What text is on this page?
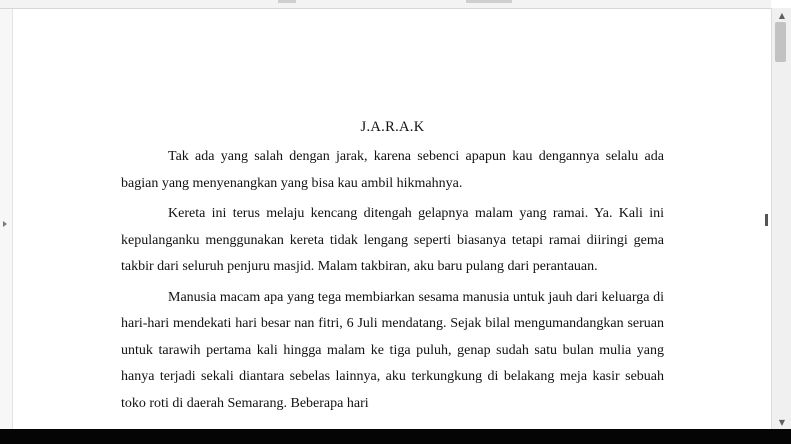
J.A.R.A.K

Tak ada yang salah dengan jarak, karena sebenci apapun kau dengannya selalu ada bagian yang menyenangkan yang bisa kau ambil hikmahnya.

Kereta ini terus melaju kencang ditengah gelapnya malam yang ramai. Ya. Kali ini kepulanganku menggunakan kereta tidak lengang seperti biasanya tetapi ramai diiringi gema takbir dari seluruh penjuru masjid. Malam takbiran, aku baru pulang dari perantauan.

Manusia macam apa yang tega membiarkan sesama manusia untuk jauh dari keluarga di hari-hari mendekati hari besar nan fitri, 6 Juli mendatang. Sejak bilal mengumandangkan seruan untuk tarawih pertama kali hingga malam ke tiga puluh, genap sudah satu bulan mulia yang hanya terjadi sekali diantara sebelas lainnya, aku terkungkung di belakang meja kasir sebuah toko roti di daerah Semarang. Beberapa hari

▲
▼
